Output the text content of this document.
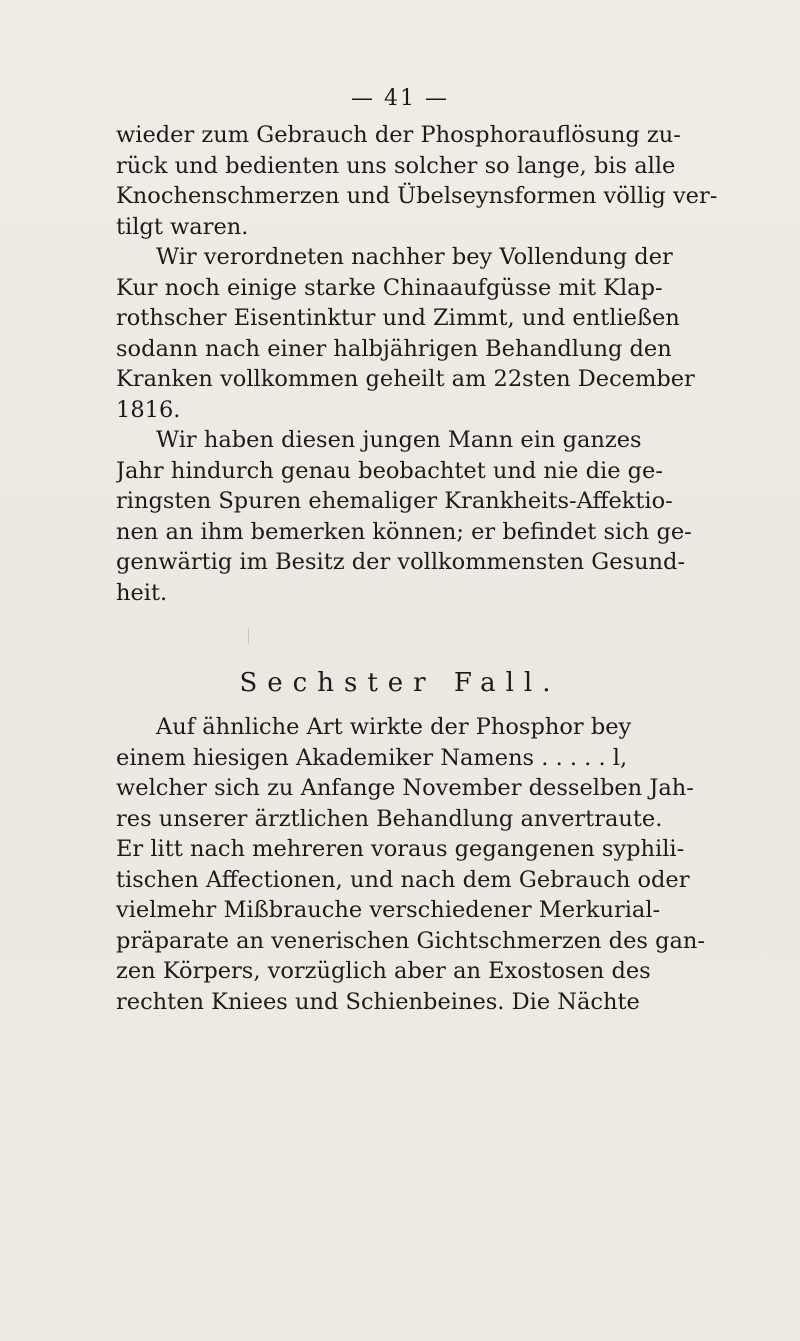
— 41 —
wieder zum Gebrauch der Phosphorauflösung zu-
rück und bedienten uns solcher so lange, bis alle
Knochenschmerzen und Übelseynsformen völlig ver-
tilgt waren.
Wir verordneten nachher bey Vollendung der
Kur noch einige starke Chinaaufgüsse mit Klap-
rothscher Eisentinktur und Zimmt, und entließen
sodann nach einer halbjährigen Behandlung den
Kranken vollkommen geheilt am 22sten December
1816.
Wir haben diesen jungen Mann ein ganzes
Jahr hindurch genau beobachtet und nie die ge-
ringsten Spuren ehemaliger Krankheits-Affektio-
nen an ihm bemerken können; er befindet sich ge-
genwärtig im Besitz der vollkommensten Gesund-
heit.
Sechster Fall.
Auf ähnliche Art wirkte der Phosphor bey
einem hiesigen Akademiker Namens . . . . . l,
welcher sich zu Anfange November desselben Jah-
res unserer ärztlichen Behandlung anvertraute.
Er litt nach mehreren voraus gegangenen syphili-
tischen Affectionen, und nach dem Gebrauch oder
vielmehr Mißbrauche verschiedener Merkurial-
präparate an venerischen Gichtschmerzen des gan-
zen Körpers, vorzüglich aber an Exostosen des
rechten Kniees und Schienbeines. Die Nächte
